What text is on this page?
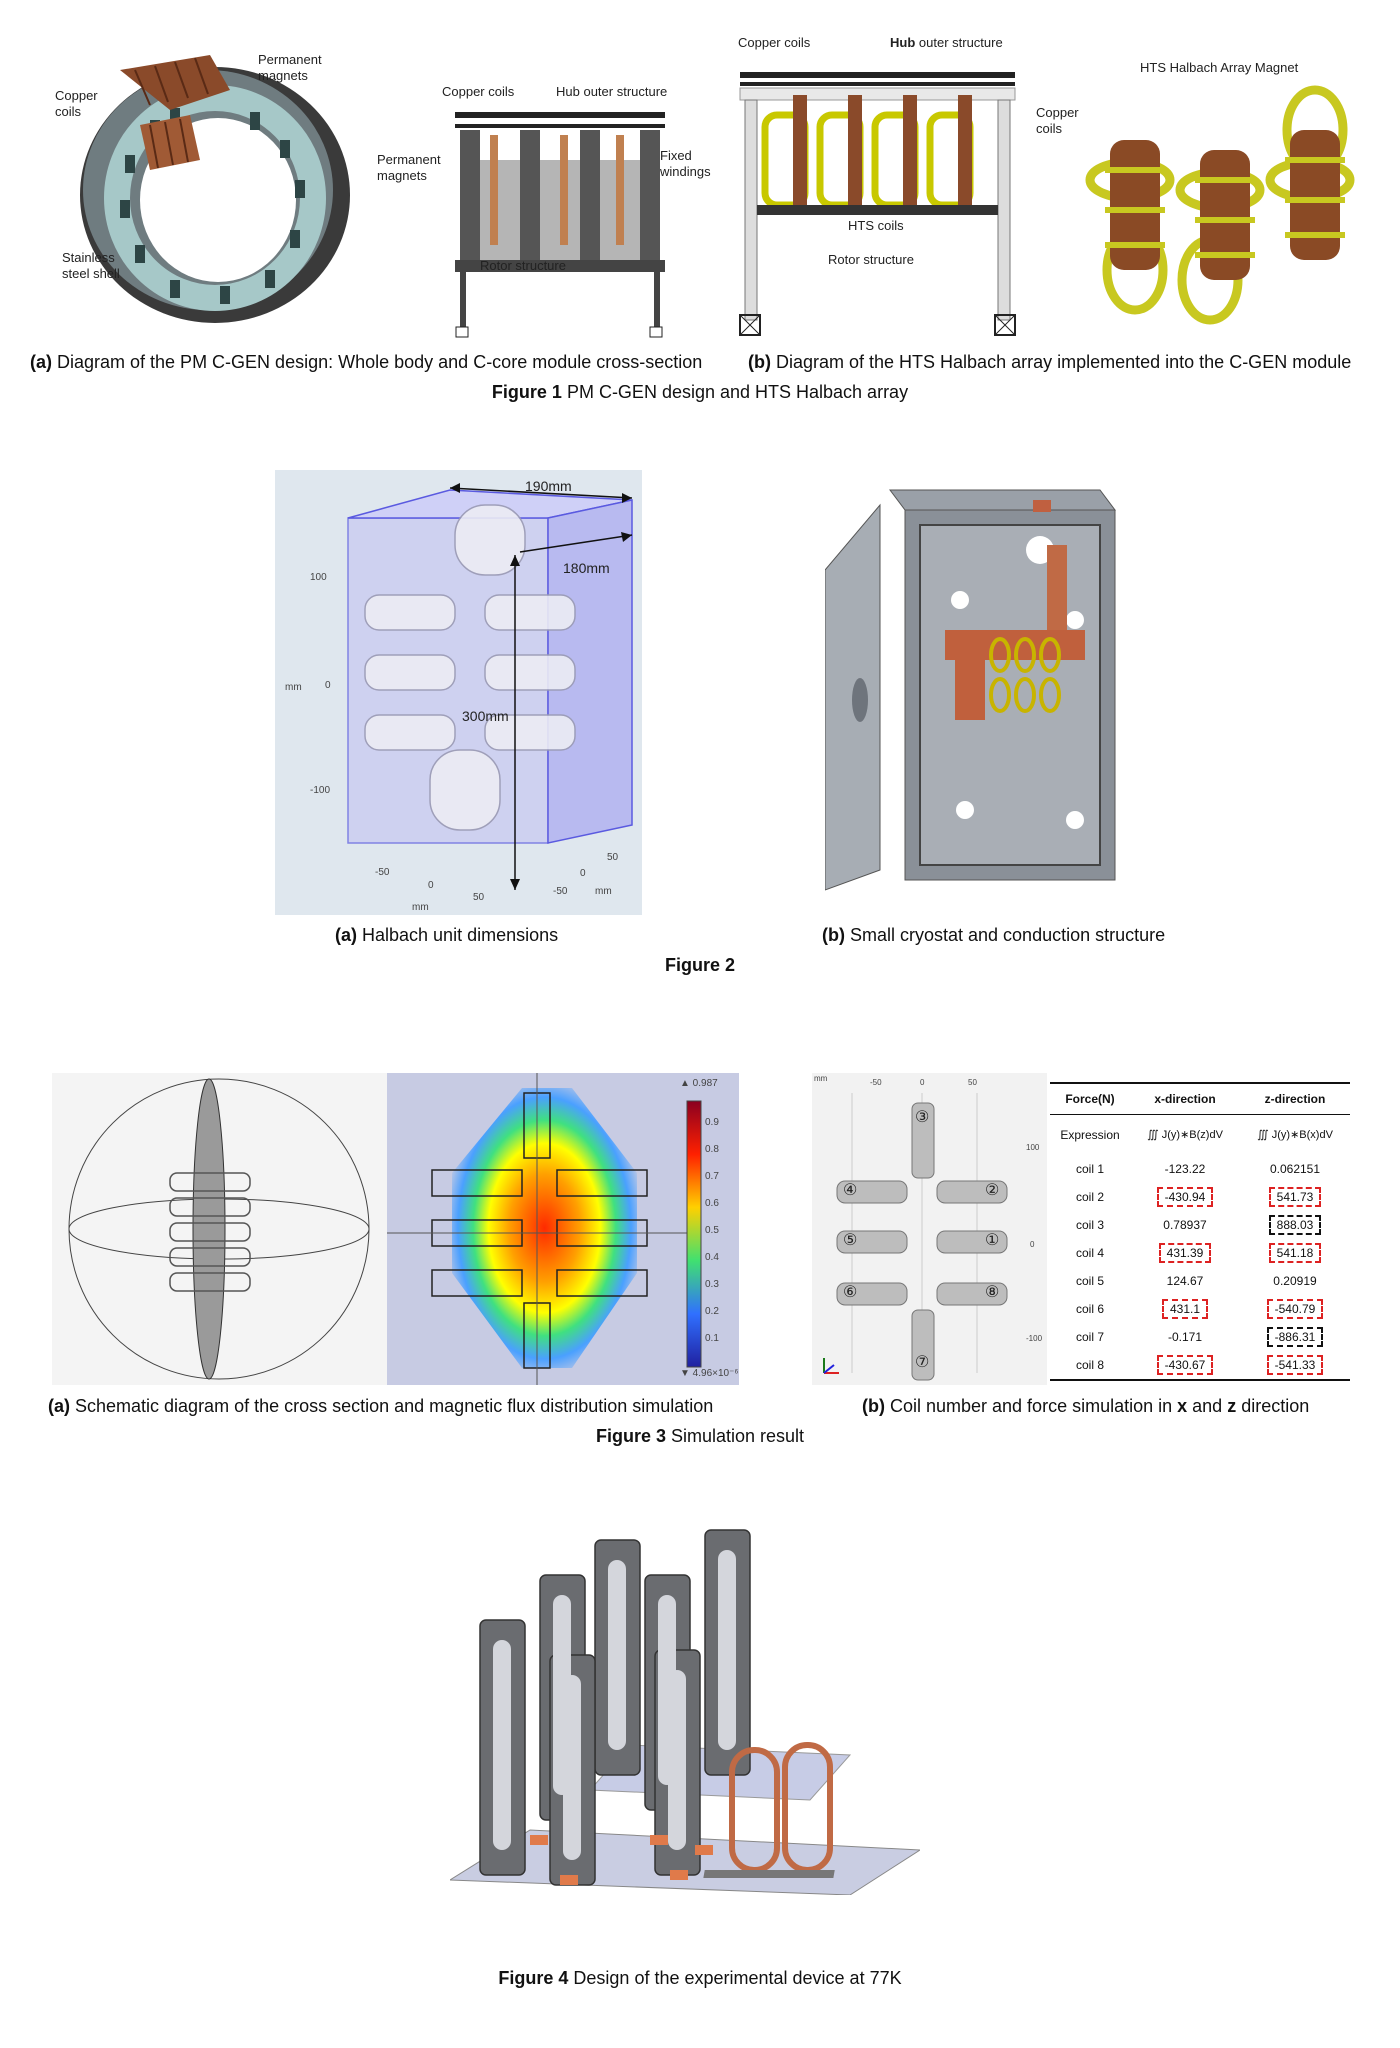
Permanent
magnets
Copper
coils
Stainless
steel shell
Copper coils	Hub outer structure
Permanent
magnets
Fixed
windings
Rotor structure
Copper coils	Hub outer structure
HTS coils
Rotor structure
HTS Halbach Array Magnet
Copper
coils
(a) Diagram of the PM C-GEN design: Whole body and C-core module cross-section	(b) Diagram of the HTS Halbach array implemented into the C-GEN module
Figure 1 PM C-GEN design and HTS Halbach array
190mm
180mm
300mm
100
0
mm
-100
-50
0
50
mm
50
0
-50	mm
(a) Halbach unit dimensions	(b) Small cryostat and conduction structure
Figure 2
▲ 0.987
0.9
0.8
0.7
0.6
0.5
0.4
0.3
0.2
0.1
▼ 4.96×10⁻⁶
③
④	②
⑤	①
⑥	⑧
⑦
mm	-50	0	50
100
0
-100
Force(N)	x-direction	z-direction
Expression	∭ J(y)∗B(z)dV	∭ J(y)∗B(x)dV
coil 1	-123.22	0.062151
coil 2	-430.94	541.73
coil 3	0.78937	888.03
coil 4	431.39	541.18
coil 5	124.67	0.20919
coil 6	431.1	-540.79
coil 7	-0.171	-886.31
coil 8	-430.67	-541.33
(a) Schematic diagram of the cross section and magnetic flux distribution simulation	(b) Coil number and force simulation in x and z direction
Figure 3 Simulation result
Figure 4 Design of the experimental device at 77K
